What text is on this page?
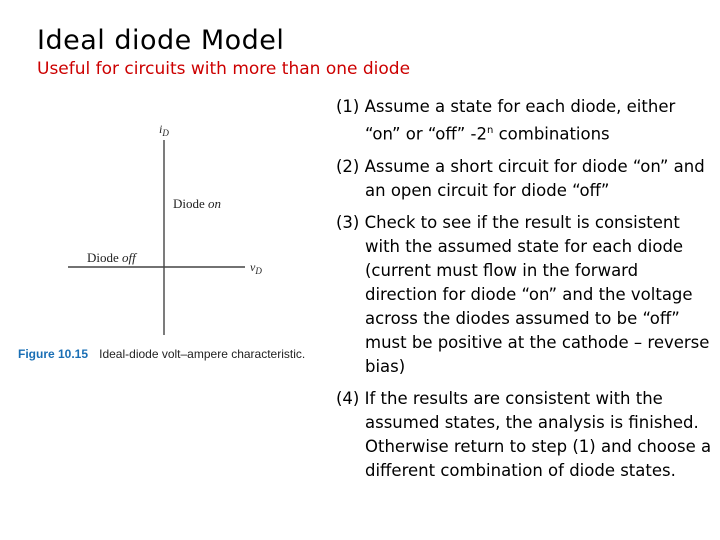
Ideal diode Model
Useful for circuits with more than one diode
$i_D$
$v_D$
Diode on
Diode off
Figure 10.15 Ideal-diode volt–ampere characteristic.
(1) Assume a state for each diode, either “on” or “off” -2$^n$ combinations
(2) Assume a short circuit for diode “on” and an open circuit for diode “off”
(3) Check to see if the result is consistent with the assumed state for each diode (current must flow in the forward direction for diode “on” and the voltage across the diodes assumed to be “off” must be positive at the cathode – reverse bias)
(4) If the results are consistent with the assumed states, the analysis is finished. Otherwise return to step (1) and choose a different combination of diode states.
